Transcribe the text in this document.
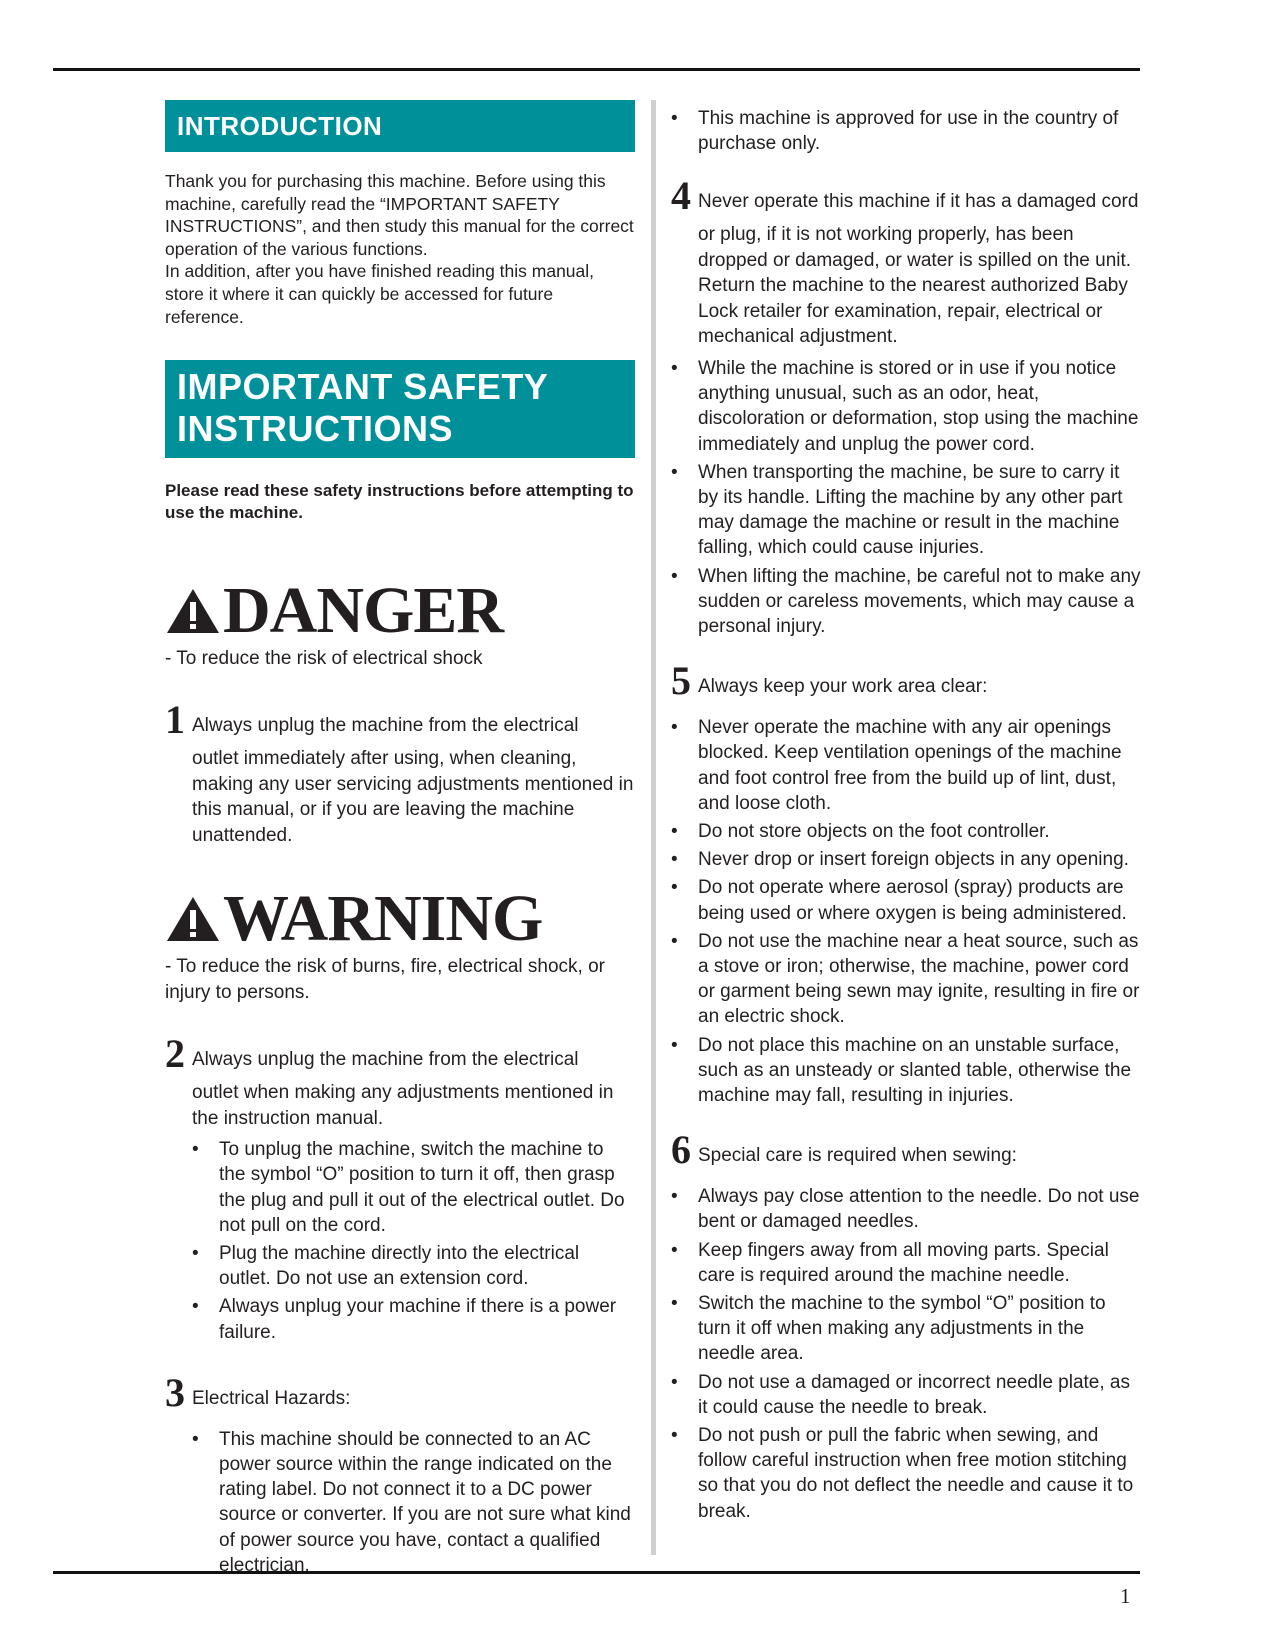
1
INTRODUCTION

Thank you for purchasing this machine. Before using this machine, carefully read the “IMPORTANT SAFETY INSTRUCTIONS”, and then study this manual for the correct operation of the various functions.

In addition, after you have finished reading this manual, store it where it can quickly be accessed for future reference.

IMPORTANT SAFETY
INSTRUCTIONS

Please read these safety instructions before attempting to use the machine.

DANGER

- To reduce the risk of electrical shock

1 Always unplug the machine from the electrical
outlet immediately after using, when cleaning, making any user servicing adjustments mentioned in this manual, or if you are leaving the machine unattended.
WARNING

- To reduce the risk of burns, fire, electrical shock, or injury to persons.

2 Always unplug the machine from the electrical
outlet when making any adjustments mentioned in the instruction manual.
• To unplug the machine, switch the machine to the symbol “O” position to turn it off, then grasp the plug and pull it out of the electrical outlet. Do not pull on the cord.
• Plug the machine directly into the electrical outlet. Do not use an extension cord.
• Always unplug your machine if there is a power failure.
3 Electrical Hazards:
• This machine should be connected to an AC power source within the range indicated on the rating label. Do not connect it to a DC power source or converter. If you are not sure what kind of power source you have, contact a qualified electrician.
• This machine is approved for use in the country of purchase only.
4 Never operate this machine if it has a damaged cord
or plug, if it is not working properly, has been dropped or damaged, or water is spilled on the unit. Return the machine to the nearest authorized Baby Lock retailer for examination, repair, electrical or mechanical adjustment.
• While the machine is stored or in use if you notice anything unusual, such as an odor, heat, discoloration or deformation, stop using the machine immediately and unplug the power cord.
• When transporting the machine, be sure to carry it by its handle. Lifting the machine by any other part may damage the machine or result in the machine falling, which could cause injuries.
• When lifting the machine, be careful not to make any sudden or careless movements, which may cause a personal injury.
5 Always keep your work area clear:
• Never operate the machine with any air openings blocked. Keep ventilation openings of the machine and foot control free from the build up of lint, dust, and loose cloth.
• Do not store objects on the foot controller.
• Never drop or insert foreign objects in any opening.
• Do not operate where aerosol (spray) products are being used or where oxygen is being administered.
• Do not use the machine near a heat source, such as a stove or iron; otherwise, the machine, power cord or garment being sewn may ignite, resulting in fire or an electric shock.
• Do not place this machine on an unstable surface, such as an unsteady or slanted table, otherwise the machine may fall, resulting in injuries.
6 Special care is required when sewing:
• Always pay close attention to the needle. Do not use bent or damaged needles.
• Keep fingers away from all moving parts. Special care is required around the machine needle.
• Switch the machine to the symbol “O” position to turn it off when making any adjustments in the needle area.
• Do not use a damaged or incorrect needle plate, as it could cause the needle to break.
• Do not push or pull the fabric when sewing, and follow careful instruction when free motion stitching so that you do not deflect the needle and cause it to break.
